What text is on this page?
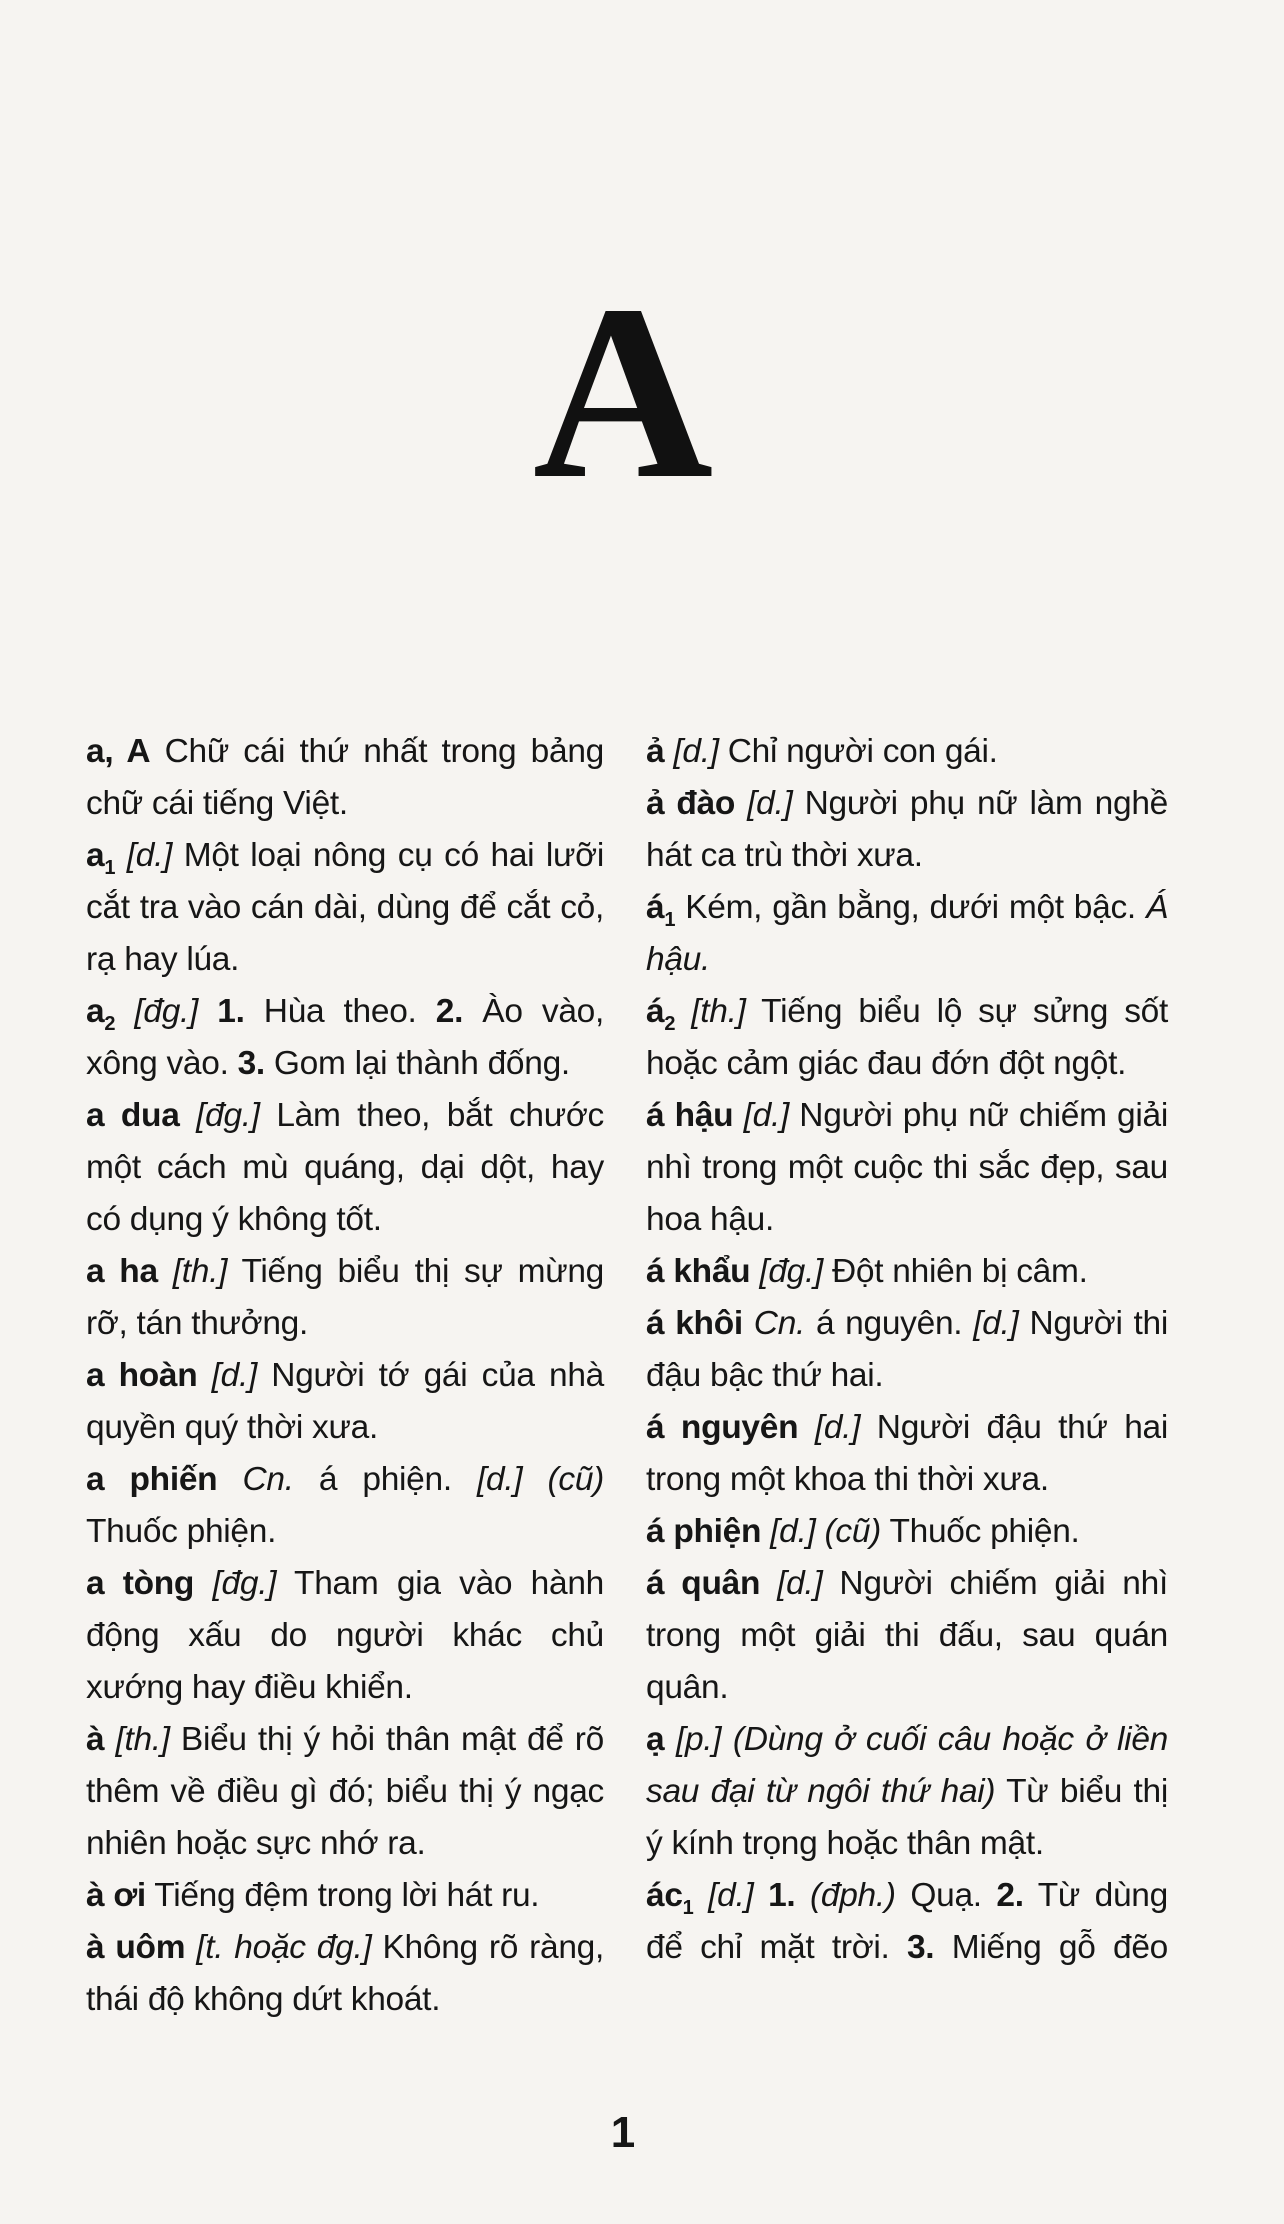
A

a, A Chữ cái thứ nhất trong bảng chữ cái tiếng Việt.

$a_1$ [d.] Một loại nông cụ có hai lưỡi cắt tra vào cán dài, dùng để cắt cỏ, rạ hay lúa.

$a_2$ [đg.] 1. Hùa theo. 2. Ào vào, xông vào. 3. Gom lại thành đống.

a dua [đg.] Làm theo, bắt chước một cách mù quáng, dại dột, hay có dụng ý không tốt.

a ha [th.] Tiếng biểu thị sự mừng rỡ, tán thưởng.

a hoàn [d.] Người tớ gái của nhà quyền quý thời xưa.

a phiến Cn. á phiện. [d.] (cũ) Thuốc phiện.

a tòng [đg.] Tham gia vào hành động xấu do người khác chủ xướng hay điều khiển.

à [th.] Biểu thị ý hỏi thân mật để rõ thêm về điều gì đó; biểu thị ý ngạc nhiên hoặc sực nhớ ra.

à ơi Tiếng đệm trong lời hát ru.

à uôm [t. hoặc đg.] Không rõ ràng, thái độ không dứt khoát.

ả [d.] Chỉ người con gái.

ả đào [d.] Người phụ nữ làm nghề hát ca trù thời xưa.

$á_1$ Kém, gần bằng, dưới một bậc. Á hậu.

$á_2$ [th.] Tiếng biểu lộ sự sửng sốt hoặc cảm giác đau đớn đột ngột.

á hậu [d.] Người phụ nữ chiếm giải nhì trong một cuộc thi sắc đẹp, sau hoa hậu.

á khẩu [đg.] Đột nhiên bị câm.

á khôi Cn. á nguyên. [d.] Người thi đậu bậc thứ hai.

á nguyên [d.] Người đậu thứ hai trong một khoa thi thời xưa.

á phiện [d.] (cũ) Thuốc phiện.

á quân [d.] Người chiếm giải nhì trong một giải thi đấu, sau quán quân.

ạ [p.] (Dùng ở cuối câu hoặc ở liền sau đại từ ngôi thứ hai) Từ biểu thị ý kính trọng hoặc thân mật.

$ác_1$ [d.] 1. (đph.) Quạ. 2. Từ dùng để chỉ mặt trời. 3. Miếng gỗ đẽo

1
